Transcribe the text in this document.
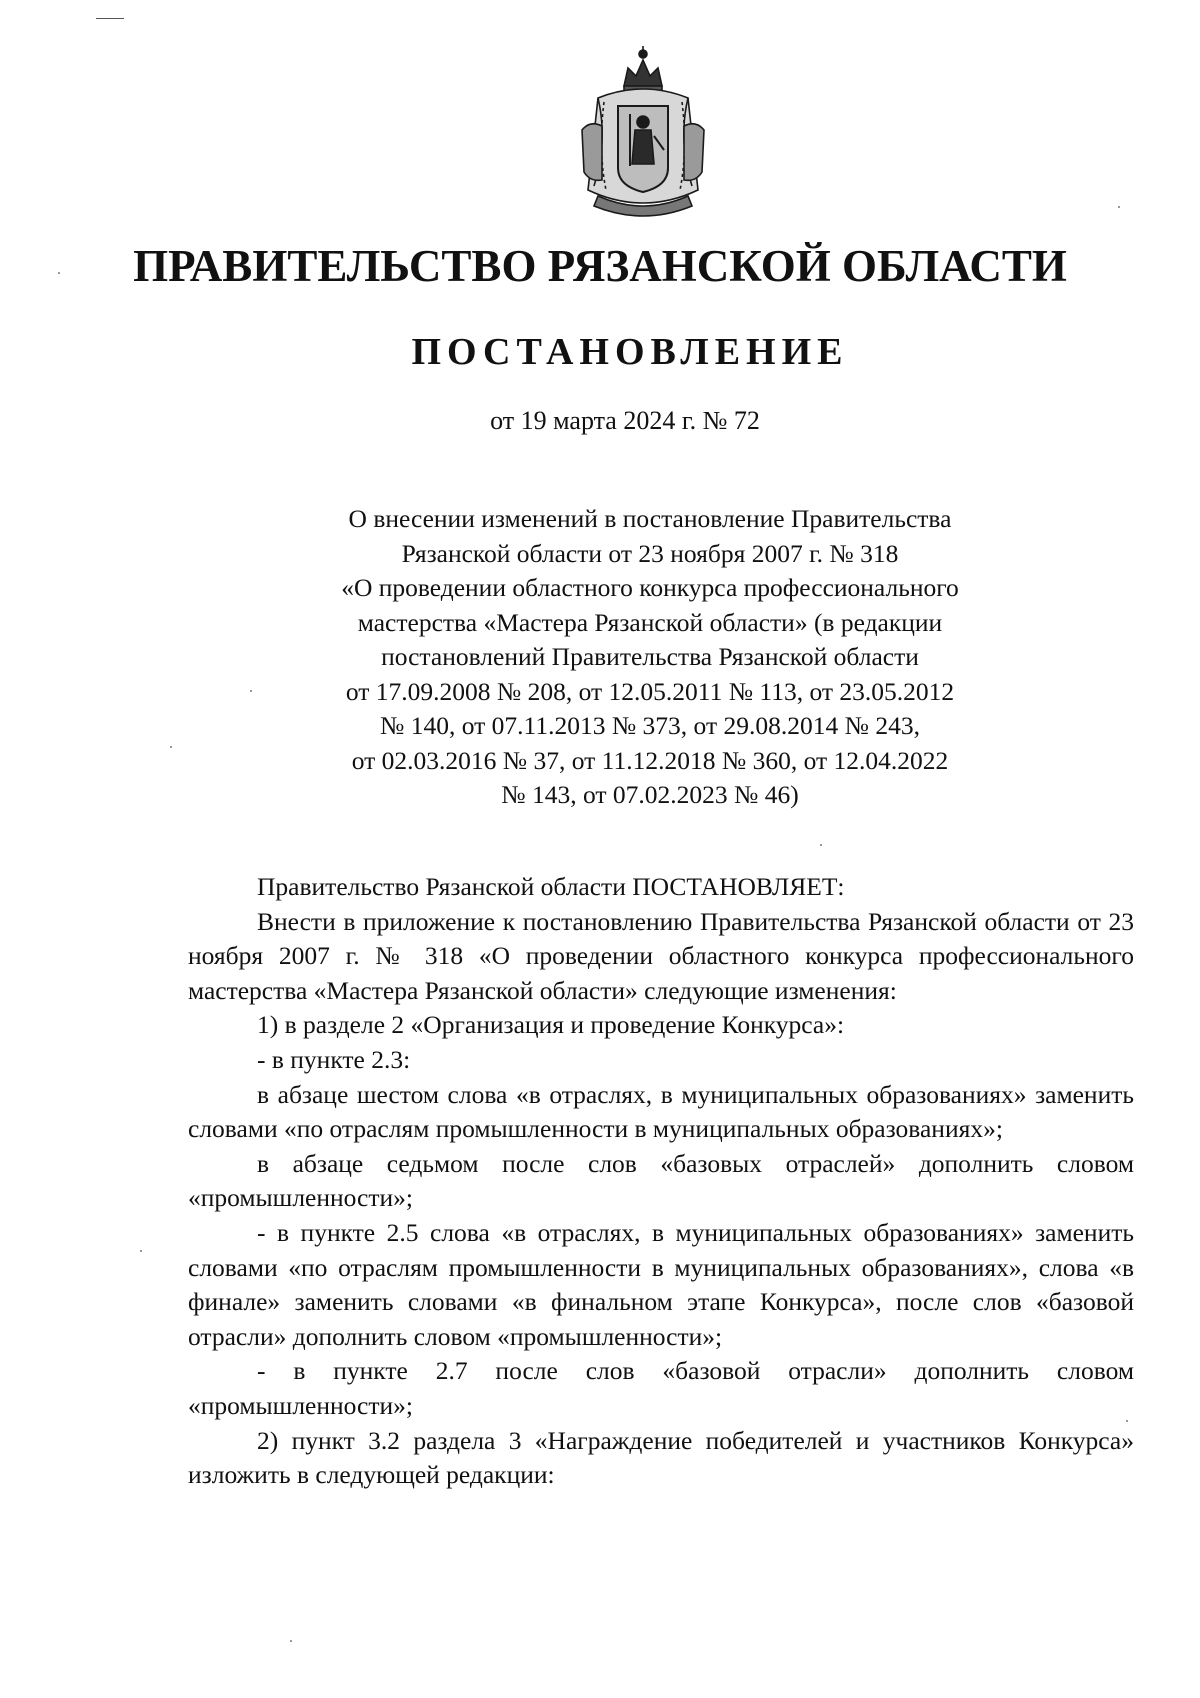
ПРАВИТЕЛЬСТВО РЯЗАНСКОЙ ОБЛАСТИ
ПОСТАНОВЛЕНИЕ
от 19 марта 2024 г. № 72
О внесении изменений в постановление Правительства
Рязанской области от 23 ноября 2007 г. № 318
«О проведении областного конкурса профессионального
мастерства «Мастера Рязанской области» (в редакции
постановлений Правительства Рязанской области
от 17.09.2008 № 208, от 12.05.2011 № 113, от 23.05.2012
№ 140, от 07.11.2013 № 373, от 29.08.2014 № 243,
от 02.03.2016 № 37, от 11.12.2018 № 360, от 12.04.2022
№ 143, от 07.02.2023 № 46)

Правительство Рязанской области ПОСТАНОВЛЯЕТ:

Внести в приложение к постановлению Правительства Рязанской области от 23 ноября 2007 г. № 318 «О проведении областного конкурса профессионального мастерства «Мастера Рязанской области» следующие изменения:

1) в разделе 2 «Организация и проведение Конкурса»:

- в пункте 2.3:

в абзаце шестом слова «в отраслях, в муниципальных образованиях» заменить словами «по отраслям промышленности в муниципальных образованиях»;

в абзаце седьмом после слов «базовых отраслей» дополнить словом «промышленности»;

- в пункте 2.5 слова «в отраслях, в муниципальных образованиях» заменить словами «по отраслям промышленности в муниципальных образованиях», слова «в финале» заменить словами «в финальном этапе Конкурса», после слов «базовой отрасли» дополнить словом «промышленности»;

- в пункте 2.7 после слов «базовой отрасли» дополнить словом «промышленности»;

2) пункт 3.2 раздела 3 «Награждение победителей и участников Конкурса» изложить в следующей редакции:
